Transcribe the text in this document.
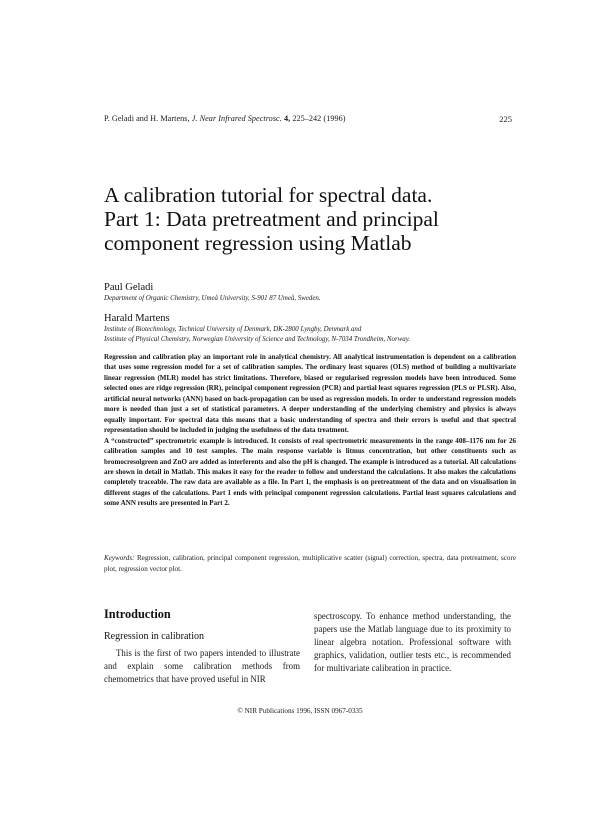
P. Geladi and H. Martens, J. Near Infrared Spectrosc. 4, 225–242 (1996)	225
A calibration tutorial for spectral data.
Part 1: Data pretreatment and principal
component regression using Matlab
Paul Geladi
Department of Organic Chemistry, Umeå University, S-901 87 Umeå, Sweden.
Harald Martens
Institute of Biotechnology, Technical University of Denmark, DK-2800 Lyngby, Denmark and
Institute of Physical Chemistry, Norwegian University of Science and Technology, N-7034 Trondheim, Norway.

Regression and calibration play an important role in analytical chemistry. All analytical instrumentation is dependent on a calibration that uses some regression model for a set of calibration samples. The ordinary least squares (OLS) method of building a multivariate linear regression (MLR) model has strict limitations. Therefore, biased or regularised regression models have been introduced. Some selected ones are ridge regression (RR), principal component regression (PCR) and partial least squares regression (PLS or PLSR). Also, artificial neural networks (ANN) based on back-propagation can be used as regression models. In order to understand regression models more is needed than just a set of statistical parameters. A deeper understanding of the underlying chemistry and physics is always equally important. For spectral data this means that a basic understanding of spectra and their errors is useful and that spectral representation should be included in judging the usefulness of the data treatment.

A “constructed” spectrometric example is introduced. It consists of real spectrometric measurements in the range 408–1176 nm for 26 calibration samples and 10 test samples. The main response variable is litmus concentration, but other constituents such as bromocresolgreen and ZnO are added as interferents and also the pH is changed. The example is introduced as a tutorial. All calculations are shown in detail in Matlab. This makes it easy for the reader to follow and understand the calculations. It also makes the calculations completely traceable. The raw data are available as a file. In Part 1, the emphasis is on pretreatment of the data and on visualisation in different stages of the calculations. Part 1 ends with principal component regression calculations. Partial least squares calculations and some ANN results are presented in Part 2.

Keywords: Regression, calibration, principal component regression, multiplicative scatter (signal) correction, spectra, data pretreatment, score plot, regression vector plot.
Introduction
Regression in calibration

This is the first of two papers intended to illustrate and explain some calibration methods from chemometrics that have proved useful in NIR

spectroscopy. To enhance method understanding, the papers use the Matlab language due to its proximity to linear algebra notation. Professional software with graphics, validation, outlier tests etc., is recommended for multivariate calibration in practice.

© NIR Publications 1996, ISSN 0967-0335
